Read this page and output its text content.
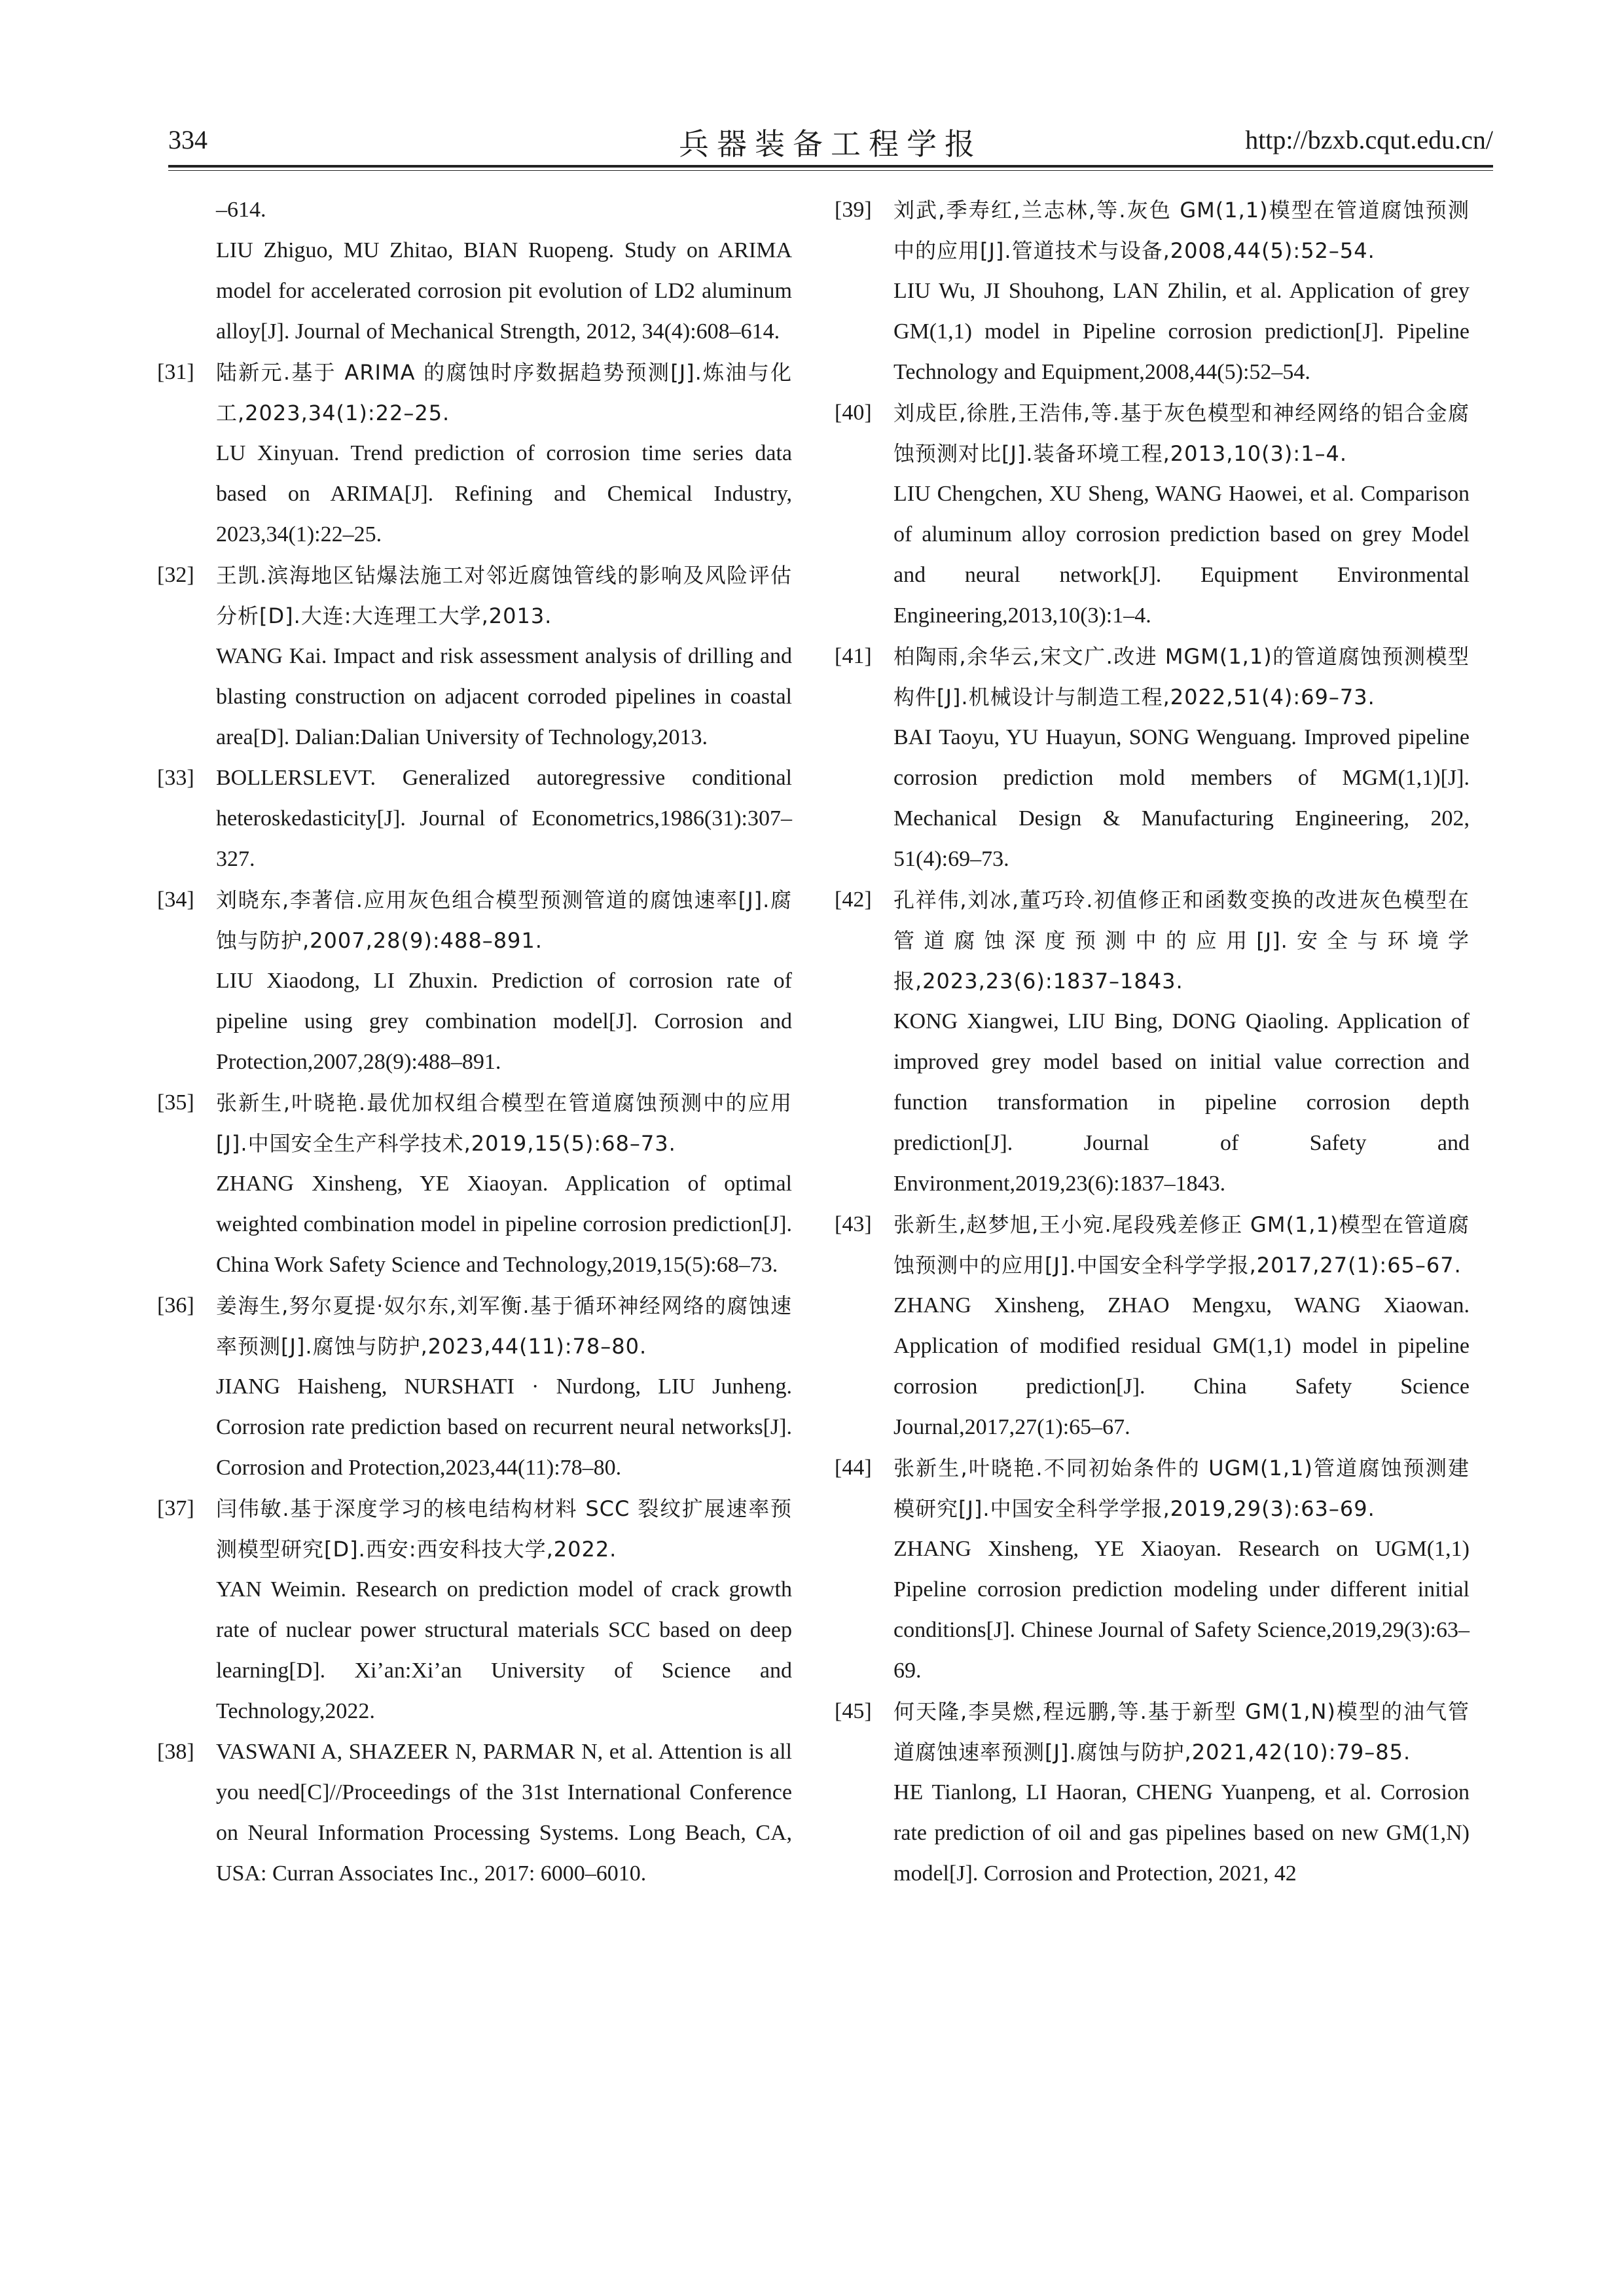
334	兵器装备工程学报	http://bzxb.cqut.edu.cn/
–614.
LIU Zhiguo, MU Zhitao, BIAN Ruopeng. Study on ARIMA model for accelerated corrosion pit evolution of LD2 aluminum alloy[J]. Journal of Mechanical Strength, 2012, 34(4):608–614.
[31]	陆新元.基于 ARIMA 的腐蚀时序数据趋势预测[J].炼油与化工,2023,34(1):22–25.
LU Xinyuan. Trend prediction of corrosion time series data based on ARIMA[J]. Refining and Chemical Industry, 2023,34(1):22–25.
[32]	王凯.滨海地区钻爆法施工对邻近腐蚀管线的影响及风险评估分析[D].大连:大连理工大学,2013.
WANG Kai. Impact and risk assessment analysis of drilling and blasting construction on adjacent corroded pipelines in coastal area[D]. Dalian:Dalian University of Technology,2013.
[33] BOLLERSLEVT. Generalized autoregressive conditional heteroskedasticity[J]. Journal of Econometrics,1986(31):307–327.
[34]	刘晓东,李著信.应用灰色组合模型预测管道的腐蚀速率[J].腐蚀与防护,2007,28(9):488–891.
LIU Xiaodong, LI Zhuxin. Prediction of corrosion rate of pipeline using grey combination model[J]. Corrosion and Protection,2007,28(9):488–891.
[35]	张新生,叶晓艳.最优加权组合模型在管道腐蚀预测中的应用[J].中国安全生产科学技术,2019,15(5):68–73.
ZHANG Xinsheng, YE Xiaoyan. Application of optimal weighted combination model in pipeline corrosion prediction[J]. China Work Safety Science and Technology,2019,15(5):68–73.
[36]	姜海生,努尔夏提·奴尔东,刘军衡.基于循环神经网络的腐蚀速率预测[J].腐蚀与防护,2023,44(11):78–80.
JIANG Haisheng, NURSHATI · Nurdong, LIU Junheng. Corrosion rate prediction based on recurrent neural networks[J]. Corrosion and Protection,2023,44(11):78–80.
[37]	闫伟敏.基于深度学习的核电结构材料 SCC 裂纹扩展速率预测模型研究[D].西安:西安科技大学,2022.
YAN Weimin. Research on prediction model of crack growth rate of nuclear power structural materials SCC based on deep learning[D]. Xi’an:Xi’an University of Science and Technology,2022.
[38] VASWANI A, SHAZEER N, PARMAR N, et al. Attention is all you need[C]//Proceedings of the 31st International Conference on Neural Information Processing Systems. Long Beach, CA, USA: Curran Associates Inc., 2017: 6000–6010.
[39]	刘武,季寿红,兰志林,等.灰色 GM(1,1)模型在管道腐蚀预测中的应用[J].管道技术与设备,2008,44(5):52–54.
LIU Wu, JI Shouhong, LAN Zhilin, et al. Application of grey GM(1,1) model in Pipeline corrosion prediction[J]. Pipeline Technology and Equipment,2008,44(5):52–54.
[40]	刘成臣,徐胜,王浩伟,等.基于灰色模型和神经网络的铝合金腐蚀预测对比[J].装备环境工程,2013,10(3):1–4.
LIU Chengchen, XU Sheng, WANG Haowei, et al. Comparison of aluminum alloy corrosion prediction based on grey Model and neural network[J]. Equipment Environmental Engineering,2013,10(3):1–4.
[41]	柏陶雨,余华云,宋文广.改进 MGM(1,1)的管道腐蚀预测模型构件[J].机械设计与制造工程,2022,51(4):69–73.
BAI Taoyu, YU Huayun, SONG Wenguang. Improved pipeline corrosion prediction mold members of MGM(1,1)[J]. Mechanical Design & Manufacturing Engineering, 202, 51(4):69–73.
[42]	孔祥伟,刘冰,董巧玲.初值修正和函数变换的改进灰色模型在管道腐蚀深度预测中的应用[J].安全与环境学报,2023,23(6):1837–1843.
KONG Xiangwei, LIU Bing, DONG Qiaoling. Application of improved grey model based on initial value correction and function transformation in pipeline corrosion depth prediction[J]. Journal of Safety and Environment,2019,23(6):1837–1843.
[43]	张新生,赵梦旭,王小宛.尾段残差修正 GM(1,1)模型在管道腐蚀预测中的应用[J].中国安全科学学报,2017,27(1):65–67.
ZHANG Xinsheng, ZHAO Mengxu, WANG Xiaowan. Application of modified residual GM(1,1) model in pipeline corrosion prediction[J]. China Safety Science Journal,2017,27(1):65–67.
[44]	张新生,叶晓艳.不同初始条件的 UGM(1,1)管道腐蚀预测建模研究[J].中国安全科学学报,2019,29(3):63–69.
ZHANG Xinsheng, YE Xiaoyan. Research on UGM(1,1) Pipeline corrosion prediction modeling under different initial conditions[J]. Chinese Journal of Safety Science,2019,29(3):63–69.
[45]	何天隆,李昊燃,程远鹏,等.基于新型 GM(1,N)模型的油气管道腐蚀速率预测[J].腐蚀与防护,2021,42(10):79–85.
HE Tianlong, LI Haoran, CHENG Yuanpeng, et al. Corrosion rate prediction of oil and gas pipelines based on new GM(1,N) model[J]. Corrosion and Protection, 2021, 42
